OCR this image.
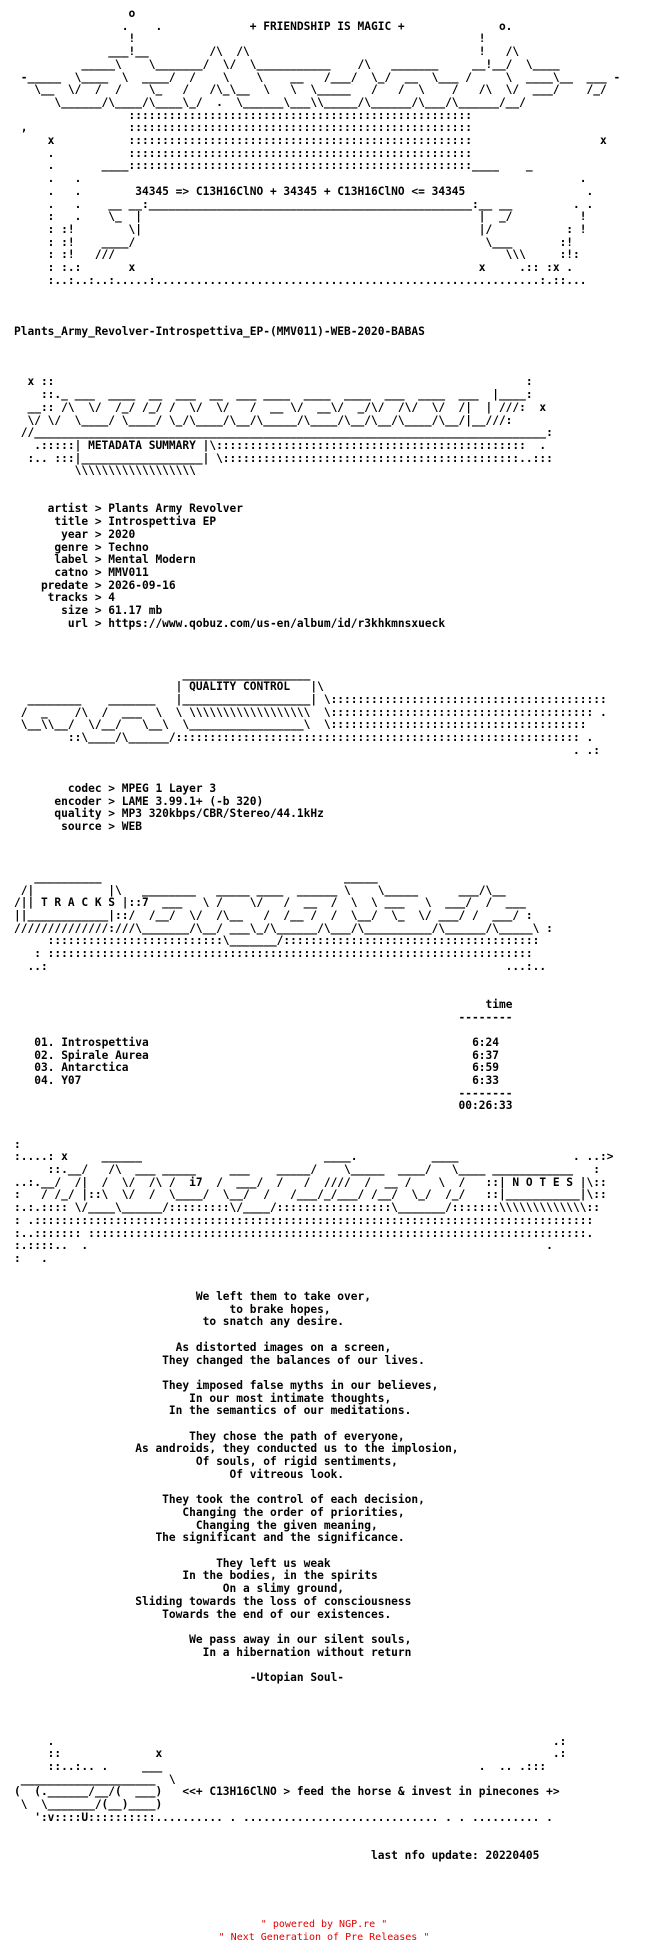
o
.    .             + FRIENDSHIP IS MAGIC +              o.
!                                                   !
___!__         /\  /\                                  !   /\
_____\    \_______/  \/  \___________    /\   _______     __!__/  \____
-_____  \____  \  ____/  /    \    \    __   /___/  \_/  __  \___ /     \  ____\__  ___ -
\__  \/  /  /    \_   /   /\_\__  \   \  \_____   /   /  \    /   /\  \/  ___/    /_/
\______/\____/\____\_/  .  \______\___\\_____/\______/\___/\______/__/
:::::::::::::::::::::::::::::::::::::::::::::::::::
,               :::::::::::::::::::::::::::::::::::::::::::::::::::
x           :::::::::::::::::::::::::::::::::::::::::::::::::::                   x
.           :::::::::::::::::::::::::::::::::::::::::::::::::::
.       ____:::::::::::::::::::::::::::::::::::::::::::::::::::____    _
.   .                                                                          .
.   .        34345 => C13H16ClNO + 34345 + C13H16ClNO <= 34345                  .
.   .    __ __:________________________________________________:__ __         . .
:   .    \_  |                                                  |  _/          !
: :!        \|                                                  |/           : !
: :!    ____/                                                    \___       :!
: :!   ///                                                          \\\     :!:
: :.:       x                                                   x     .:: :x .
:..:..:..:.....:.........................................................:.::...

Plants_Army_Revolver-Introspettiva_EP-(MMV011)-WEB-2020-BABAS

x ::                                                                      :
::._ ___  ____  __  ___  __  ___ ____  ____  ____  ___  ____  ___  |____:
__:: /\  \/  /_/ /_/ /  \/  \/   /  __ \/  __\/  _/\/  /\/  \/  /|  | ///:  x
\/ \/  \____/ \____/ \_/\____/\__/\_____/\____/\__/\__/\____/\__/|__///:
//____________________________________________________________________________:
.:::::| METADATA SUMMARY |\::::::::::::::::::::::::::::::::::::::::::::::  .
:.. :::|__________________| \::::::::::::::::::::::::::::::::::::::::::::..:::
\\\\\\\\\\\\\\\\\\

artist > Plants Army Revolver
title > Introspettiva EP
year > 2020
genre > Techno
label > Mental Modern
catno > MMV011
predate > 2026-09-16
tracks > 4
size > 61.17 mb
url > https://www.qobuz.com/us-en/album/id/r3khkmnsxueck

___________________
| QUALITY CONTROL   |\
________    _______   |___________________| \:::::::::::::::::::::::::::::::::::::::::
/  _    /\  /  ___  \  \ \\\\\\\\\\\\\\\\\\  \::::::::::::::::::::::::::::::::::::::: .
\__\\__/  \/__/   \__\  \_________________\  \::::::::::::::::::::::::::::::::::::::
::\____/\______/:::::::::::::::::::::::::::::::::::::::::::::::::::::::::::: .
. .:

codec > MPEG 1 Layer 3
encoder > LAME 3.99.1+ (-b 320)
quality > MP3 320kbps/CBR/Stereo/44.1kHz
source > WEB

__________                                    _____
/|           |\   ________   _____ ____  ______ \    \_____      ___/\__
/|| T R A C K S |::7  ___   \ /    \/   /  __  /  \  \ ___   \  ___/  /  ___
||____________|::/  /__/  \/  /\__   /  /__ /  /  \__/  \_  \/ ___/ /  ___/ :
//////////////:///\_______/\__/ ___\_/\______/\___/\__________/\______/\_____\ :
::::::::::::::::::::::::::\_______/::::::::::::::::::::::::::::::::::::::
: ::::::::::::::::::::::::::::::::::::::::::::::::::::::::::::::::::::::::
..:                                                                    ...:..

time
--------

01. Introspettiva	6:24
02. Spirale Aurea	6:37
03. Antarctica	6:59
04. Y07	6:33
--------
00:26:33

:
:....: x     ______                           ____.           ____                 . ..:>
::.__/   /\  ___ _____     ___    _____/    \_____  ____/   \____ ____________   :
..:.__/  /|  /  \/  /\ /  i7  /  ___/  /   /  ////  /  __ /    \  /   ::| N O T E S |\::
:   / /_/ |::\  \/  /  \____/  \__/  /   /___/_/___/ /__/  \_/  /_/   ::|___________|\::
:.:.:::: \/____\______/:::::::::\/____/:::::::::::::::::\_______/:::::::\\\\\\\\\\\\\::
: .:::::::::::::::::::::::::::::::::::::::::::::::::::::::::::::::::::::::::::::::::::
:..::::::: ::::::::::::::::::::::::::::::::::::::::::::::::::::::::::::::::::::::::::.
:.::::..  .                                                                    .
:   .

We left them to take over,
to brake hopes,
to snatch any desire.

As distorted images on a screen,
They changed the balances of our lives.

They imposed false myths in our believes,
In our most intimate thoughts,
In the semantics of our meditations.

They chose the path of everyone,
As androids, they conducted us to the implosion,
Of souls, of rigid sentiments,
Of vitreous look.

They took the control of each decision,
Changing the order of priorities,
Changing the given meaning,
The significant and the significance.

They left us weak
In the bodies, in the spirits
On a slimy ground,
Sliding towards the loss of consciousness
Towards the end of our existences.

We pass away in our silent souls,
In a hibernation without return

-Utopian Soul-

.                                                                          .:
::              x                                                          .:
::..:.. .     ___                                               .  .. .:::
____________________  \
(  (.______/__/(  ___)   <<+ C13H16ClNO > feed the horse & invest in pinecones +>
\  \_______/(__)____)
':v::::U::::::::::.......... . ............................. . . .......... .

last nfo update: 20220405
" powered by NGP.re "
" Next Generation of Pre Releases "
